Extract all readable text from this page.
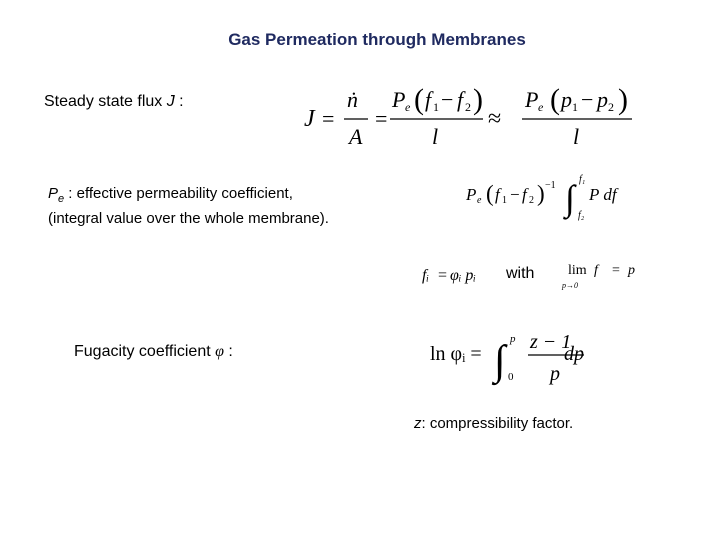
Gas Permeation through Membranes
Steady state flux J :
J =
ṅ
A
=
P e ( f 1 − f 2 )
l
≈
P e ( p 1 − p 2 )
l
$P_e$ : effective permeability coefficient,
(integral value over the whole membrane).
P e ( f 1 − f 2 ) −1 ∫ f₁
f₂
P df
fᵢ = φᵢ pᵢ with lim f = p
p→0
Fugacity coefficient φ :	ln φᵢ = ∫ p
0
z − 1
p
dp
z: compressibility factor.
